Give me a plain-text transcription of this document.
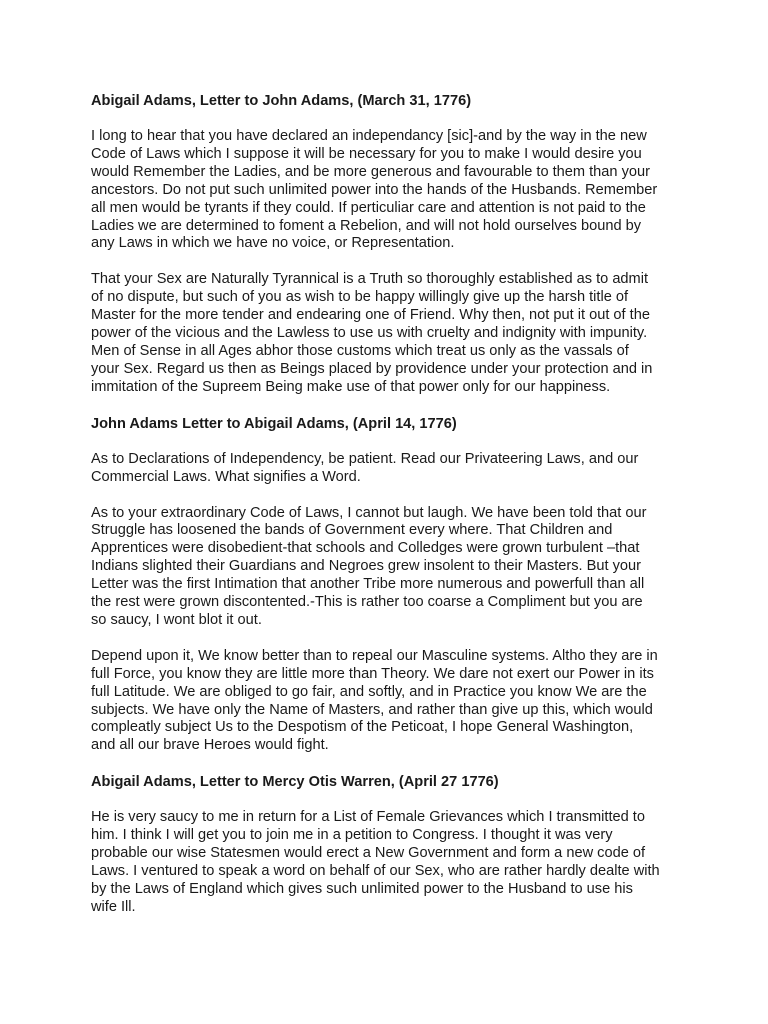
Abigail Adams, Letter to John Adams, (March 31, 1776)
I long to hear that you have declared an independancy [sic]-and by the way in the new
Code of Laws which I suppose it will be necessary for you to make I would desire you
would Remember the Ladies, and be more generous and favourable to them than your
ancestors. Do not put such unlimited power into the hands of the Husbands. Remember
all men would be tyrants if they could. If perticuliar care and attention is not paid to the
Ladies we are determined to foment a Rebelion, and will not hold ourselves bound by
any Laws in which we have no voice, or Representation.
That your Sex are Naturally Tyrannical is a Truth so thoroughly established as to admit
of no dispute, but such of you as wish to be happy willingly give up the harsh title of
Master for the more tender and endearing one of Friend. Why then, not put it out of the
power of the vicious and the Lawless to use us with cruelty and indignity with impunity.
Men of Sense in all Ages abhor those customs which treat us only as the vassals of
your Sex. Regard us then as Beings placed by providence under your protection and in
immitation of the Supreem Being make use of that power only for our happiness.
John Adams Letter to Abigail Adams, (April 14, 1776)
As to Declarations of Independency, be patient. Read our Privateering Laws, and our
Commercial Laws. What signifies a Word.
As to your extraordinary Code of Laws, I cannot but laugh. We have been told that our
Struggle has loosened the bands of Government every where. That Children and
Apprentices were disobedient-that schools and Colledges were grown turbulent –that
Indians slighted their Guardians and Negroes grew insolent to their Masters. But your
Letter was the first Intimation that another Tribe more numerous and powerfull than all
the rest were grown discontented.-This is rather too coarse a Compliment but you are
so saucy, I wont blot it out.
Depend upon it, We know better than to repeal our Masculine systems. Altho they are in
full Force, you know they are little more than Theory. We dare not exert our Power in its
full Latitude. We are obliged to go fair, and softly, and in Practice you know We are the
subjects. We have only the Name of Masters, and rather than give up this, which would
compleatly subject Us to the Despotism of the Peticoat, I hope General Washington,
and all our brave Heroes would fight.
Abigail Adams, Letter to Mercy Otis Warren, (April 27 1776)
He is very saucy to me in return for a List of Female Grievances which I transmitted to
him. I think I will get you to join me in a petition to Congress. I thought it was very
probable our wise Statesmen would erect a New Government and form a new code of
Laws. I ventured to speak a word on behalf of our Sex, who are rather hardly dealte with
by the Laws of England which gives such unlimited power to the Husband to use his
wife Ill.
